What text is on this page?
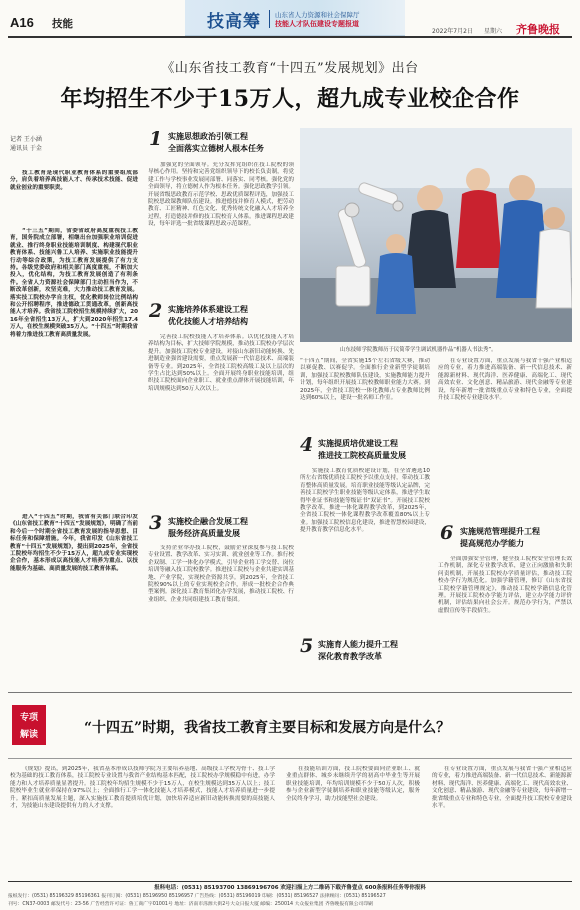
A16 技能	技高筹 山东省人力资源和社会保障厅
技能人才队伍建设专题报道
2022年7月2日 星期六 齐鲁晚报
《山东省技工教育“十四五”发展规划》出台
年均招生不少于15万人，超九成专业校企合作
记者 王小涵
通讯员 于金
技工教育是现代职业教育体系的重要组成部分，肩负着培养高技能人才、传承技术技能、促进就业创业的重要职责。
“十三五”期间，省委省政府高度重视技工教育，国务院成立部署，相继出台加强职业培训促进就业、推行终身职业技能培训制度、构建现代职业教育体系、技能兴鲁工人培养、实施职业技能提升行动等综合政策，为技工教育发展提供了有力支持。各级党委政府和相关部门高度重视，不断加大投入，优化结构，为技工教育发展创造了有利条件。全省人力资源社会保障部门主动担当作为，不断改革创新，攻坚克难，大力推动技工教育发展。落实技工院校办学自主权，优化教师岗位比例结构和公开招聘程序，推进德政工贯通改革，创新高技能人才培养。我省技工院校招生规模持续扩大，2016年全省招生13万人，扩大到2020年招生17.4万人，在校生规模突破35万人。“十四五”时期我省将着力推进技工教育高质量发展。
进入“十四五”时期，我省有关部门联合印发《山东省技工教育“十四五”发展规划》，明确了当前和今后一个时期全省技工教育发展的指导思想、目标任务和保障措施。今年，我省印发《山东省技工教育“十四五”发展规划》，提出到2025年，全省技工院校年均招生不少于15万人，超九成专业实现校企合作，基本形成以高技能人才培养为重点、以技能服务为基础、高质量发展的技工教育体系。
1 实施思想政治引领工程
全面落实立德树人根本任务
加强党的全面领导。充分发挥党组织在技工院校的领导核心作用。坚持和完善党组织领导下的校长负责制，将党建工作与学校事业发展同部署、同落实、同考核。强化党的全面领导，将立德树人作为根本任务。强化思政教学引领。开展省级思政教育示范学校、思政优质课程评选，加强技工院校思政课教师队伍建设。推进德技并修育人模式，把劳动教育、工匠精神、红色文化、优秀传统文化融入人才培养全过程，打造德技并修的技工院校育人体系。推进课程思政建设，每年评选一批省级课程思政示范课程。
2 实施培养体系建设工程
优化技能人才培养结构
完善技工院校技能人才培养体系。以优化技能人才培养结构为目标，扩大技师学院规模，推动技工院校办学层次提升。加强技工院校专业建设，对接山东新旧动能转换、先进制造业强省建设需要，重点发展新一代信息技术、高端装备等专业。到2025年，全省技工院校高级工及以上层次的学生占比达到50%以上。全面开展终身职业技能培训，组织技工院校面向企业职工、就业重点群体开展技能培训，年培训规模达到50万人次以上。
3 实施校企融合发展工程
服务经济高质量发展
支持企业举办技工院校，鼓励企业深度参与技工院校专业设置、教学改革、实习实训、就业创业等工作。推行校企双制、工学一体化办学模式，引导企业将工学交替、岗位培训等融入技工院校教学。推进技工院校与企业共建实训基地、产业学院，实现校企资源共享。到2025年，全省技工院校90%以上的专业实现校企合作，形成一批校企合作典型案例。深化技工教育集团化办学发展，推动技工院校、行业组织、企业共同组建技工教育集团。
山东技师学院教师历于民简带学生调试机器作品“机器人书法秀”。
“十四五”期间，全省实施15个左右省级大赛，推动以赛促教、以赛促学。全面推行企业新型学徒制培训，加强技工院校教师队伍建设，实施教师能力提升计划，每年组织开展技工院校教师职业能力大赛。到2025年，全省技工院校一体化教师占专业教师比例达到60%以上，建设一批名师工作室。
4 实施提质培优建设工程
推进技工院校高质量发展
实施技工教育优质校建设计划，在全省遴选10所左右省级优质技工院校予以重点支持，带动技工教育整体高质量发展。培育职业技能等级认定品牌，完善技工院校学生职业技能等级认定体系，推进学生取得毕业证书和技能等级证书“双证书”。开展技工院校教学改革，推进一体化课程教学改革，到2025年，全省技工院校一体化课程教学改革覆盖80%以上专业。加强技工院校信息化建设，推进智慧校园建设，提升教育教学信息化水平。
5 实施育人能力提升工程
深化教育教学改革
在专业设置方面，重点发展与我省十强产业相适应的专业，着力推进高端装备、新一代信息技术、新能源新材料、现代海洋、医养健康、高端化工、现代高效农业、文化创意、精品旅游、现代金融等专业建设，每年新增一批省级重点专业和特色专业，全面提升技工院校专业建设水平。
6 实施规范管理提升工程
提高规范办学能力
全面加强安全管理，健全技工院校安全管理长效工作机制，深化专业教学改革，建立正向激励和失职问责机制，开展技工院校办学质量评估，推动技工院校办学行为规范化。加强学籍管理，修订《山东省技工院校学籍管理规定》，推动技工院校学籍信息化管理。开展技工院校办学能力评估，建立办学能力评价机制，评估结果向社会公开。规范办学行为，严禁以虚假宣传等手段招生。
专项
解读	“十四五”时期，我省技工教育主要目标和发展方向是什么？
《规划》提出，到2025年，我省基本形成以技师学院为主要培养基地、高级技工学校为骨干、技工学校为基础的技工教育体系，技工院校专业设置与我省产业结构基本匹配，技工院校办学规模稳中有进，办学能力和人才培养质量显著提升。技工院校年均招生规模不少于15万人，在校生规模达到35万人以上；技工院校毕业生就业率保持在97%以上；全面推行工学一体化技能人才培养模式，技能人才培养质量进一步提升。紧扣高质量发展主题，深入实施技工教育提质培优计划，加快培养适应新旧动能转换需要的高技能人才，为技能山东建设提供有力的人才支撑。
在技能培训方面，技工院校要面向企业职工、就业重点群体、城乡未继续升学的初高中毕业生等开展职业技能培训，年均培训规模不少于50万人次，积极参与企业新型学徒制培养和职业技能等级认定，服务全民终身学习，助力技能型社会建设。
在专业设置方面，重点发展与我省十强产业相适应的专业，着力推进高端装备、新一代信息技术、新能源新材料、现代海洋、医养健康、高端化工、现代高效农业、文化创意、精品旅游、现代金融等专业建设，每年新增一批省级重点专业和特色专业，全面提升技工院校专业建设水平。
报料电话：(0531) 85193700 13869196706 欢迎扫描上方二维码下载齐鲁壹点 600条报料任务等你报料
报纸发行：(0531) 85196329 85196361 报刊订阅：(0531) 85196950 85196957 广告热线：(0531) 85196019 印刷：(0531) 85196527 法律顾问：(0531) 85196527
刊号：CN37-0003 邮发代号：23-56 广告经营许可证：鲁工商广字01001号 地址：济南市泺源大街2号大众日报大厦 邮编：250014 大众报业集团 齐鲁晚报有限公司印刷
